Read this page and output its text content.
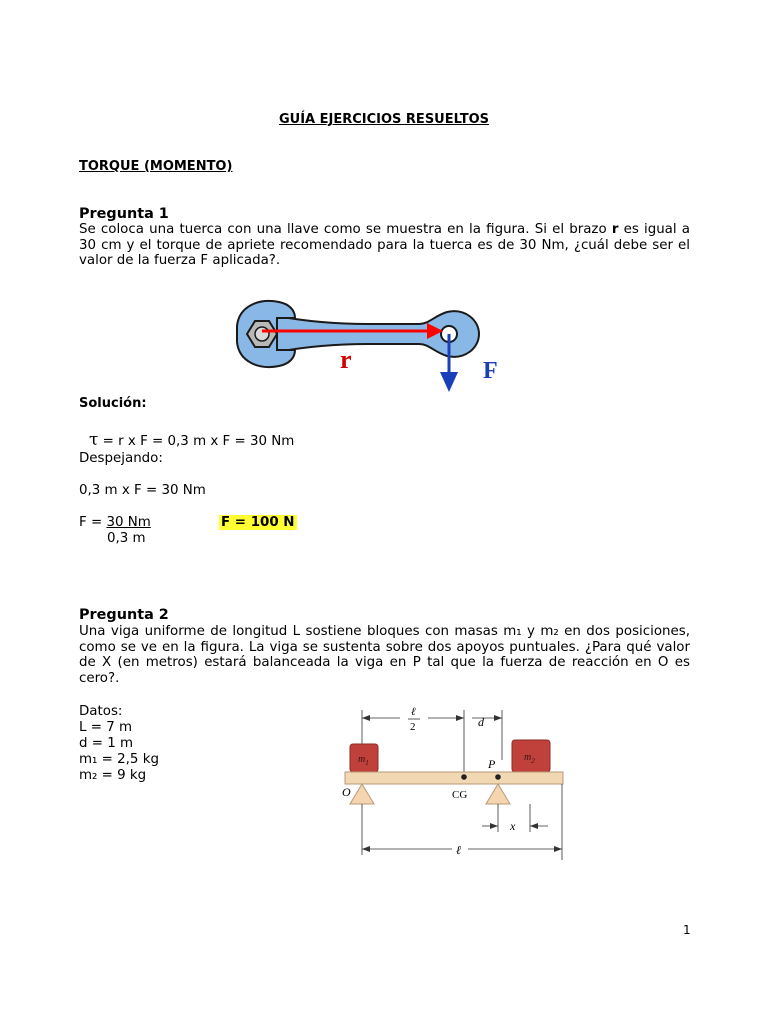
GUÍA EJERCICIOS RESUELTOS
TORQUE (MOMENTO)
Pregunta 1
Se coloca una tuerca con una llave como se muestra en la figura. Si el brazo r es igual a 30 cm y el torque de apriete recomendado para la tuerca es de 30 Nm, ¿cuál debe ser el valor de la fuerza F aplicada?.
r	F
Solución:
τ = r x F = 0,3 m x F = 30 Nm
Despejando:
0,3 m x F = 30 Nm
F = 30 Nm
0,3 m
F = 100 N
Pregunta 2
Una viga uniforme de longitud L sostiene bloques con masas m₁ y m₂ en dos posiciones, como se ve en la figura. La viga se sustenta sobre dos apoyos puntuales. ¿Para qué valor de X (en metros) estará balanceada la viga en P tal que la fuerza de reacción en O es cero?.
Datos:
L = 7 m
d = 1 m
m₁ = 2,5 kg
m₂ = 9 kg
ℓ
2	d
$m_1$	$m_2$
P
O	CG
x
ℓ
1
